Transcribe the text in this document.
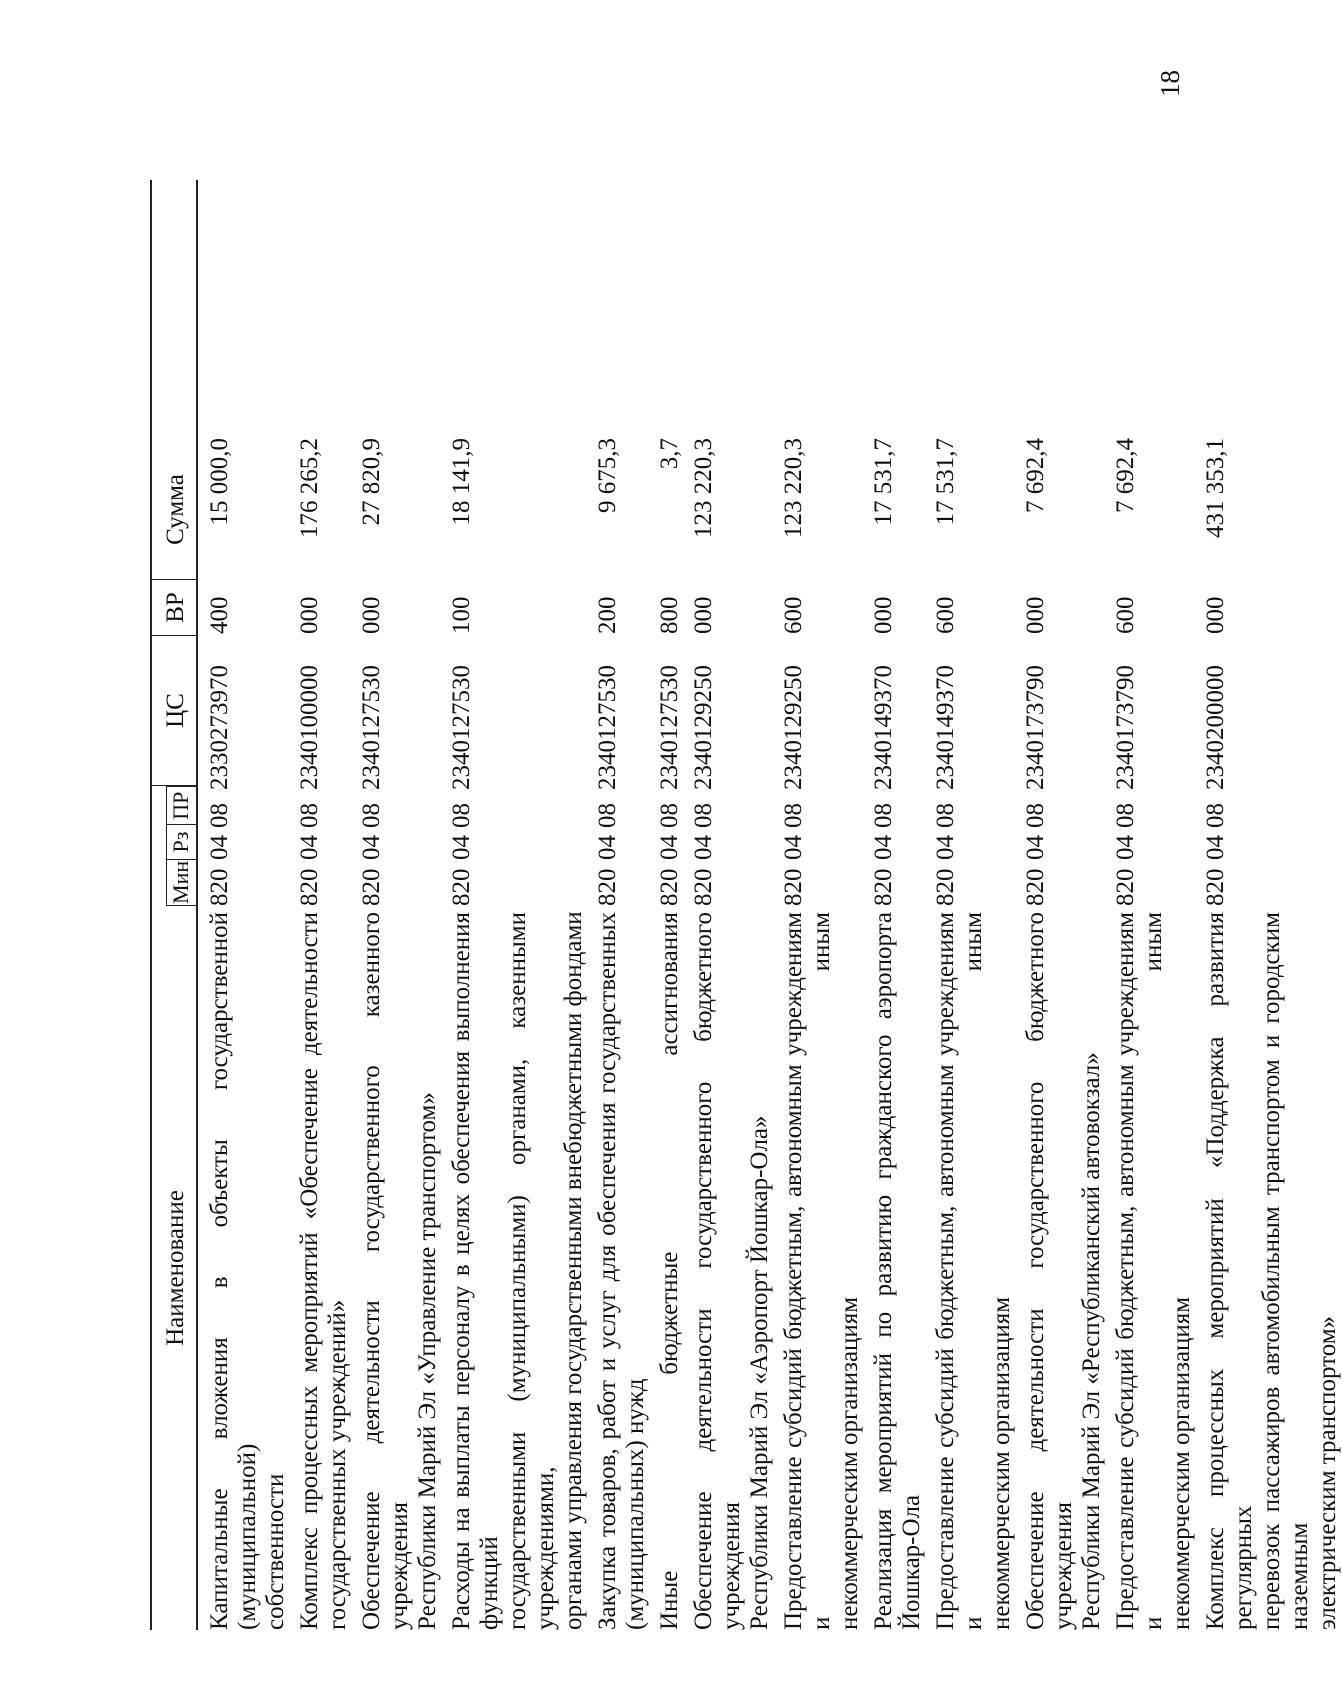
18
Наименование
Мин
Рз
ПР
ЦС
ВР
Сумма
Капитальные вложения в объекты государственной (муниципальной) собственности
820
04
08
2330273970
400
15 000,0
Комплекс процессных мероприятий «Обеспечение деятельности государственных учреждений»
820
04
08
2340100000
000
176 265,2
Обеспечение деятельности государственного казенного учреждения Республики Марий Эл «Управление транспортом»
820
04
08
2340127530
000
27 820,9
Расходы на выплаты персоналу в целях обеспечения выполнения функций государственными (муниципальными) органами, казенными учреждениями, органами управления государственными внебюджетными фондами
820
04
08
2340127530
100
18 141,9
Закупка товаров, работ и услуг для обеспечения государственных (муниципальных) нужд
820
04
08
2340127530
200
9 675,3
Иные бюджетные ассигнования
820
04
08
2340127530
800
3,7
Обеспечение деятельности государственного бюджетного учреждения Республики Марий Эл «Аэропорт Йошкар-Ола»
820
04
08
2340129250
000
123 220,3
Предоставление субсидий бюджетным, автономным учреждениям и иным некоммерческим организациям
820
04
08
2340129250
600
123 220,3
Реализация мероприятий по развитию гражданского аэропорта Йошкар-Ола
820
04
08
2340149370
000
17 531,7
Предоставление субсидий бюджетным, автономным учреждениям и иным некоммерческим организациям
820
04
08
2340149370
600
17 531,7
Обеспечение деятельности государственного бюджетного учреждения Республики Марий Эл «Республиканский автовокзал»
820
04
08
2340173790
000
7 692,4
Предоставление субсидий бюджетным, автономным учреждениям и иным некоммерческим организациям
820
04
08
2340173790
600
7 692,4
Комплекс процессных мероприятий «Поддержка развития регулярных перевозок пассажиров автомобильным транспортом и городским наземным электрическим транспортом»
820
04
08
2340200000
000
431 353,1
